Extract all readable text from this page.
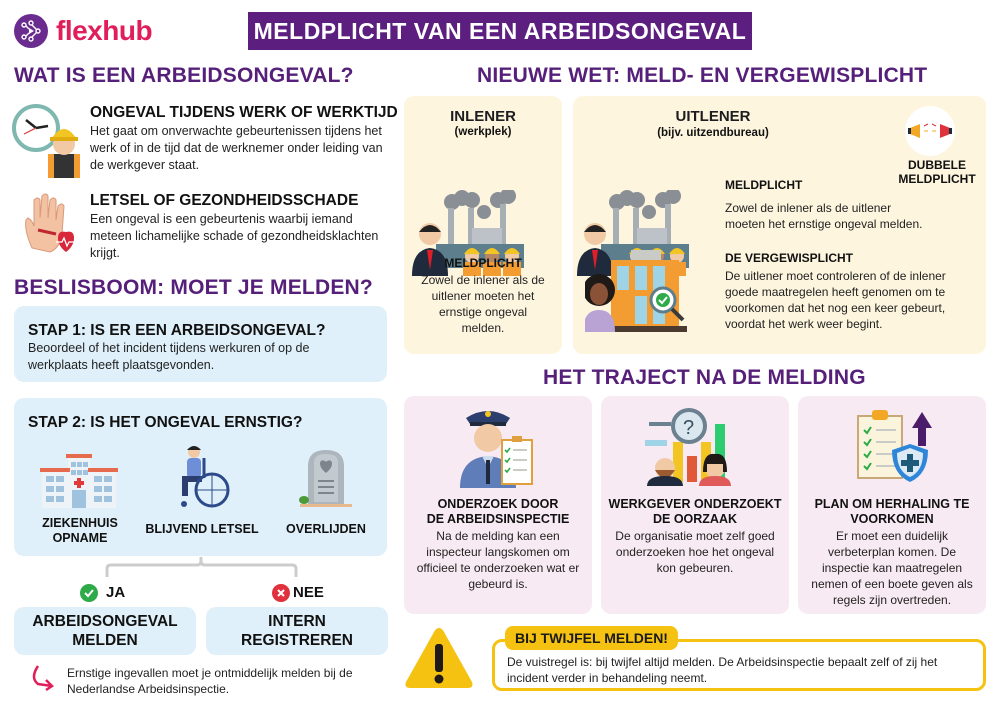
flexhub	MELDPLICHT VAN EEN ARBEIDSONGEVAL
WAT IS EEN ARBEIDSONGEVAL?
ONGEVAL TIJDENS WERK OF WERKTIJD
Het gaat om onverwachte gebeurtenissen tijdens het werk of in de tijd dat de werknemer onder leiding van de werkgever staat.
LETSEL OF GEZONDHEIDSSCHADE
Een ongeval is een gebeurtenis waarbij iemand meteen lichamelijke schade of gezondheidsklachten krijgt.
BESLISBOOM: MOET JE MELDEN?
STAP 1: IS ER EEN ARBEIDSONGEVAL?
Beoordeel of het incident tijdens werkuren of op de werkplaats heeft plaatsgevonden.
STAP 2: IS HET ONGEVAL ERNSTIG?
ZIEKENHUIS
OPNAME
BLIJVEND LETSEL	OVERLIJDEN
JA	NEE
ARBEIDSONGEVAL
MELDEN
INTERN
REGISTREREN
Ernstige ingevallen moet je ontmiddelijk melden bij de Nederlandse Arbeidsinspectie.
NIEUWE WET: MELD- EN VERGEWISPLICHT
INLENER
(werkplek)
MELDPLICHT
Zowel de inlener als de uitlener moeten het ernstige ongeval melden.
UITLENER
(bijv. uitzendbureau)
DUBBELE
MELDPLICHT
MELDPLICHT
Zowel de inlener als de uitlener moeten het ernstige ongeval melden.
DE VERGEWISPLICHT
De uitlener moet controleren of de inlener goede maatregelen heeft genomen om te voorkomen dat het nog een keer gebeurt, voordat het werk weer begint.
HET TRAJECT NA DE MELDING
ONDERZOEK DOOR
DE ARBEIDSINSPECTIE
Na de melding kan een inspecteur langskomen om officieel te onderzoeken wat er gebeurd is.
?
WERKGEVER ONDERZOEKT
DE OORZAAK
De organisatie moet zelf goed onderzoeken hoe het ongeval kon gebeuren.
PLAN OM HERHALING TE
VOORKOMEN
Er moet een duidelijk verbeterplan komen. De inspectie kan maatregelen nemen of een boete geven als regels zijn overtreden.
De vuistregel is: bij twijfel altijd melden. De Arbeidsinspectie bepaalt zelf of zij het incident verder in behandeling neemt.
BIJ TWIJFEL MELDEN!
